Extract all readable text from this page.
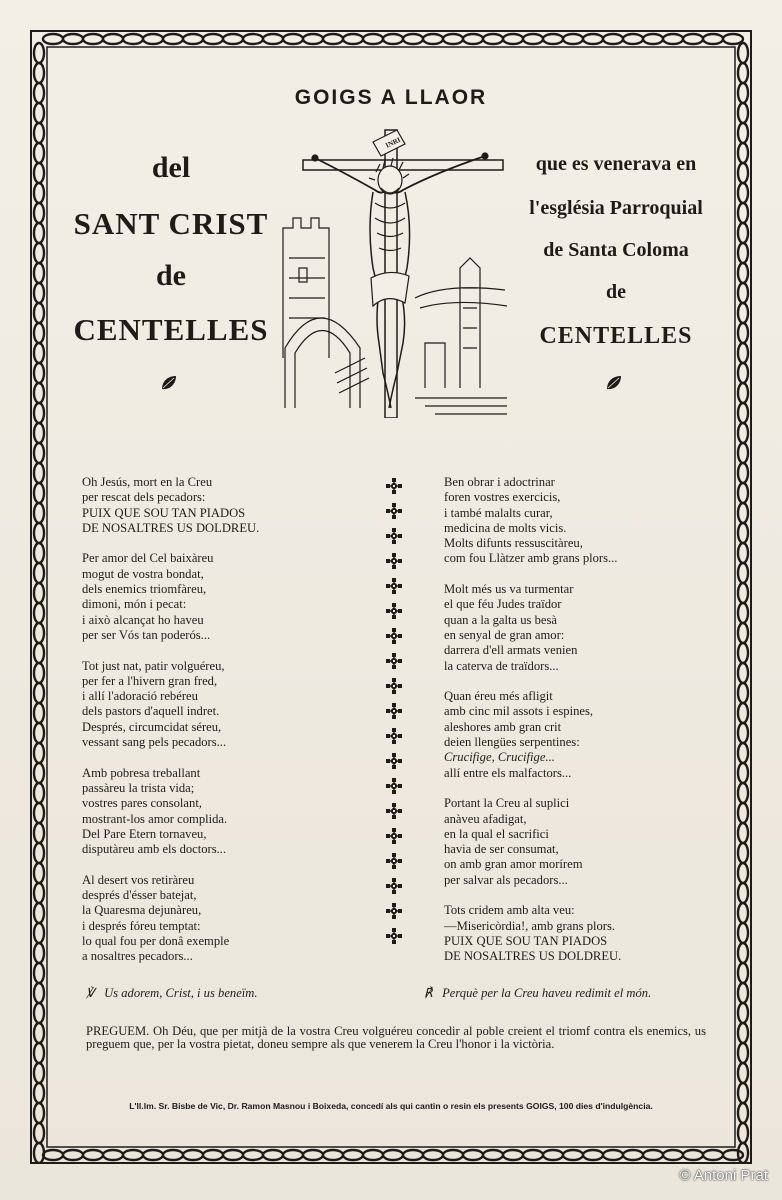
GOIGS A LLAOR
del
SANT CRIST
de
CENTELLES
que es venerava en
l'església Parroquial
de Santa Coloma
de
CENTELLES
INRI
Oh Jesús, mort en la Creu
per rescat dels pecadors:
PUIX QUE SOU TAN PIADOS
DE NOSALTRES US DOLDREU.
Per amor del Cel baixàreu
mogut de vostra bondat,
dels enemics triomfàreu,
dimoni, món i pecat:
i això alcançat ho haveu
per ser Vós tan poderós...
Tot just nat, patir volguéreu,
per fer a l'hivern gran fred,
i allí l'adoració rebéreu
dels pastors d'aquell indret.
Després, circumcidat séreu,
vessant sang pels pecadors...
Amb pobresa treballant
passàreu la trista vida;
vostres pares consolant,
mostrant-los amor complida.
Del Pare Etern tornaveu,
disputàreu amb els doctors...
Al desert vos retiràreu
després d'ésser batejat,
la Quaresma dejunàreu,
i després fóreu temptat:
lo qual fou per donâ exemple
a nosaltres pecadors...
Ben obrar i adoctrinar
foren vostres exercicis,
i també malalts curar,
medicina de molts vicis.
Molts difunts ressuscitàreu,
com fou Llàtzer amb grans plors...
Molt més us va turmentar
el que féu Judes traïdor
quan a la galta us besà
en senyal de gran amor:
darrera d'ell armats venien
la caterva de traïdors...
Quan éreu més afligit
amb cinc mil assots i espines,
aleshores amb gran crit
deien llengües serpentines:
Crucifige, Crucifige...
allí entre els malfactors...
Portant la Creu al suplici
anàveu afadigat,
en la qual el sacrifici
havia de ser consumat,
on amb gran amor morírem
per salvar als pecadors...
Tots cridem amb alta veu:
—Misericòrdia!, amb grans plors.
PUIX QUE SOU TAN PIADOS
DE NOSALTRES US DOLDREU.
℣ Us adorem, Crist, i us beneïm.	℟ Perquè per la Creu haveu redimit el món.
PREGUEM. Oh Déu, que per mitjà de la vostra Creu volguéreu concedir al poble creient el triomf contra els enemics, us preguem que, per la vostra pietat, doneu sempre als que venerem la Creu l'honor i la victòria.
L'Il.lm. Sr. Bisbe de Vic, Dr. Ramon Masnou i Boixeda, concedí als qui cantin o resin els presents GOIGS, 100 dies d'indulgència.
© Antoni Prat
